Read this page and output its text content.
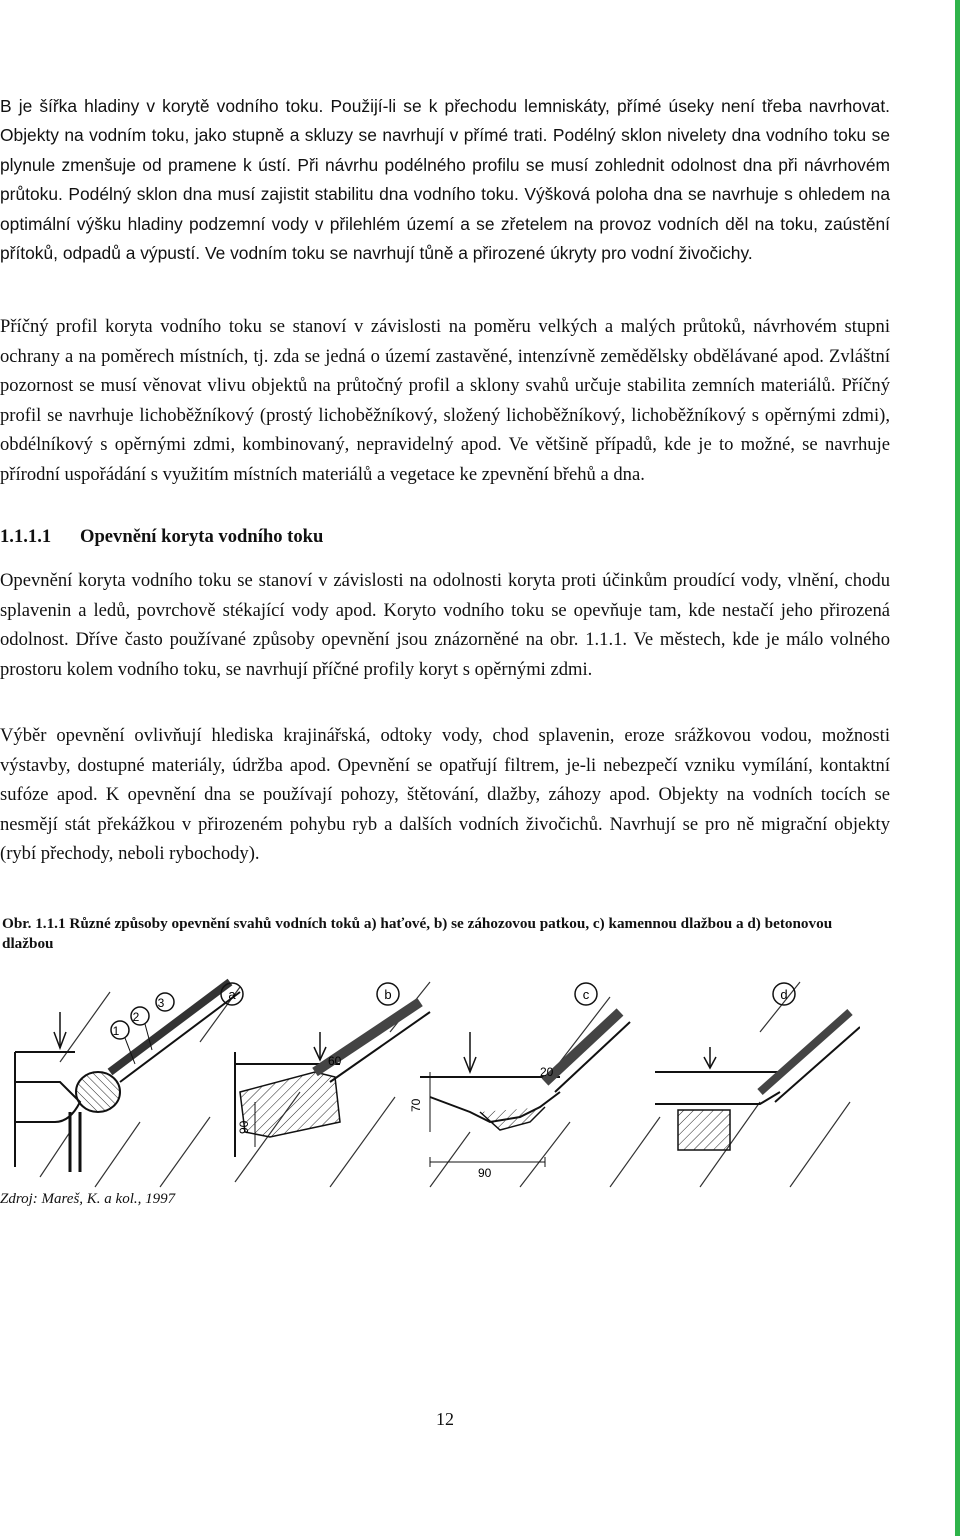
B je šířka hladiny v korytě vodního toku. Použijí-li se k přechodu lemniskáty, přímé úseky není třeba navrhovat. Objekty na vodním toku, jako stupně a skluzy se navrhují v přímé trati. Podélný sklon nivelety dna vodního toku se plynule zmenšuje od pramene k ústí. Při návrhu podélného profilu se musí zohlednit odolnost dna při návrhovém průtoku. Podélný sklon dna musí zajistit stabilitu dna vodního toku. Výšková poloha dna se navrhuje s ohledem na optimální výšku hladiny podzemní vody v přilehlém území a se zřetelem na provoz vodních děl na toku, zaústění přítoků, odpadů a výpustí. Ve vodním toku se navrhují tůně a přirozené úkryty pro vodní živočichy.

Příčný profil koryta vodního toku se stanoví v závislosti na poměru velkých a malých průtoků, návrhovém stupni ochrany a na poměrech místních, tj. zda se jedná o území zastavěné, intenzívně zemědělsky obdělávané apod. Zvláštní pozornost se musí věnovat vlivu objektů na průtočný profil a sklony svahů určuje stabilita zemních materiálů. Příčný profil se navrhuje lichoběžníkový (prostý lichoběžníkový, složený lichoběžníkový, lichoběžníkový s opěrnými zdmi), obdélníkový s opěrnými zdmi, kombinovaný, nepravidelný apod. Ve většině případů, kde je to možné, se navrhuje přírodní uspořádání s využitím místních materiálů a vegetace ke zpevnění břehů a dna.

1.1.1.1 Opevnění koryta vodního toku

Opevnění koryta vodního toku se stanoví v závislosti na odolnosti koryta proti účinkům proudící vody, vlnění, chodu splavenin a ledů, povrchově stékající vody apod. Koryto vodního toku se opevňuje tam, kde nestačí jeho přirozená odolnost. Dříve často používané způsoby opevnění jsou znázorněné na obr. 1.1.1. Ve městech, kde je málo volného prostoru kolem vodního toku, se navrhují příčné profily koryt s opěrnými zdmi.

Výběr opevnění ovlivňují hlediska krajinářská, odtoky vody, chod splavenin, eroze srážkovou vodou, možnosti výstavby, dostupné materiály, údržba apod. Opevnění se opatřují filtrem, je-li nebezpečí vzniku vymílání, kontaktní sufóze apod. K opevnění dna se používají pohozy, štětování, dlažby, záhozy apod. Objekty na vodních tocích se nesmějí stát překážkou v přirozeném pohybu ryb a dalších vodních živočichů. Navrhují se pro ně migrační objekty (rybí přechody, neboli rybochody).

Obr. 1.1.1 Různé způsoby opevnění svahů vodních toků a) haťové, b) se záhozovou patkou, c) kamennou dlažbou a d) betonovou dlažbou

1
2
3
a
90
60
b
70
20
90
c	d

Zdroj: Mareš, K. a kol., 1997

12
